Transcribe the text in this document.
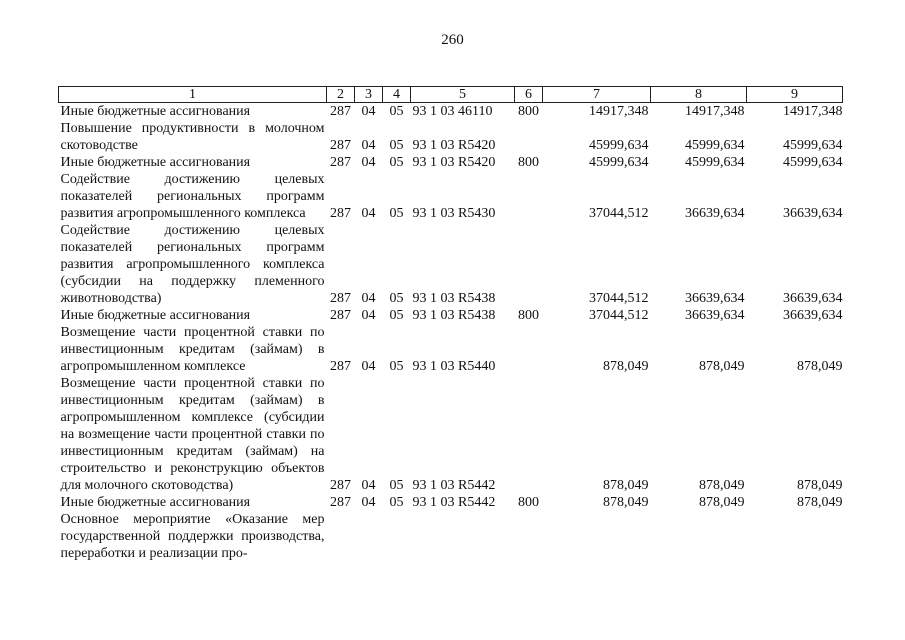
260
1	2	3	4	5	6	7	8	9
Иные бюджетные ассигнования	287	04	05	93 1 03 46110	800	14917,348	14917,348	14917,348
Повышение продуктивности в молочном скотоводстве	287	04	05	93 1 03 R5420		45999,634	45999,634	45999,634
Иные бюджетные ассигнования	287	04	05	93 1 03 R5420	800	45999,634	45999,634	45999,634
Содействие достижению целевых показателей региональных программ развития агропромышленного комплекса	287	04	05	93 1 03 R5430		37044,512	36639,634	36639,634
Содействие достижению целевых показателей региональных программ развития агропромышленного комплекса (субсидии на поддержку племенного животноводства)	287	04	05	93 1 03 R5438		37044,512	36639,634	36639,634
Иные бюджетные ассигнования	287	04	05	93 1 03 R5438	800	37044,512	36639,634	36639,634
Возмещение части процентной ставки по инвестиционным кредитам (займам) в агропромышленном комплексе	287	04	05	93 1 03 R5440		878,049	878,049	878,049
Возмещение части процентной ставки по инвестиционным кредитам (займам) в агропромышленном комплексе (субсидии на возмещение части процентной ставки по инвестиционным кредитам (займам) на строительство и реконструкцию объектов для молочного скотоводства)	287	04	05	93 1 03 R5442		878,049	878,049	878,049
Иные бюджетные ассигнования	287	04	05	93 1 03 R5442	800	878,049	878,049	878,049
Основное мероприятие «Оказание мер государственной поддержки производства, переработки и реализации про-								
